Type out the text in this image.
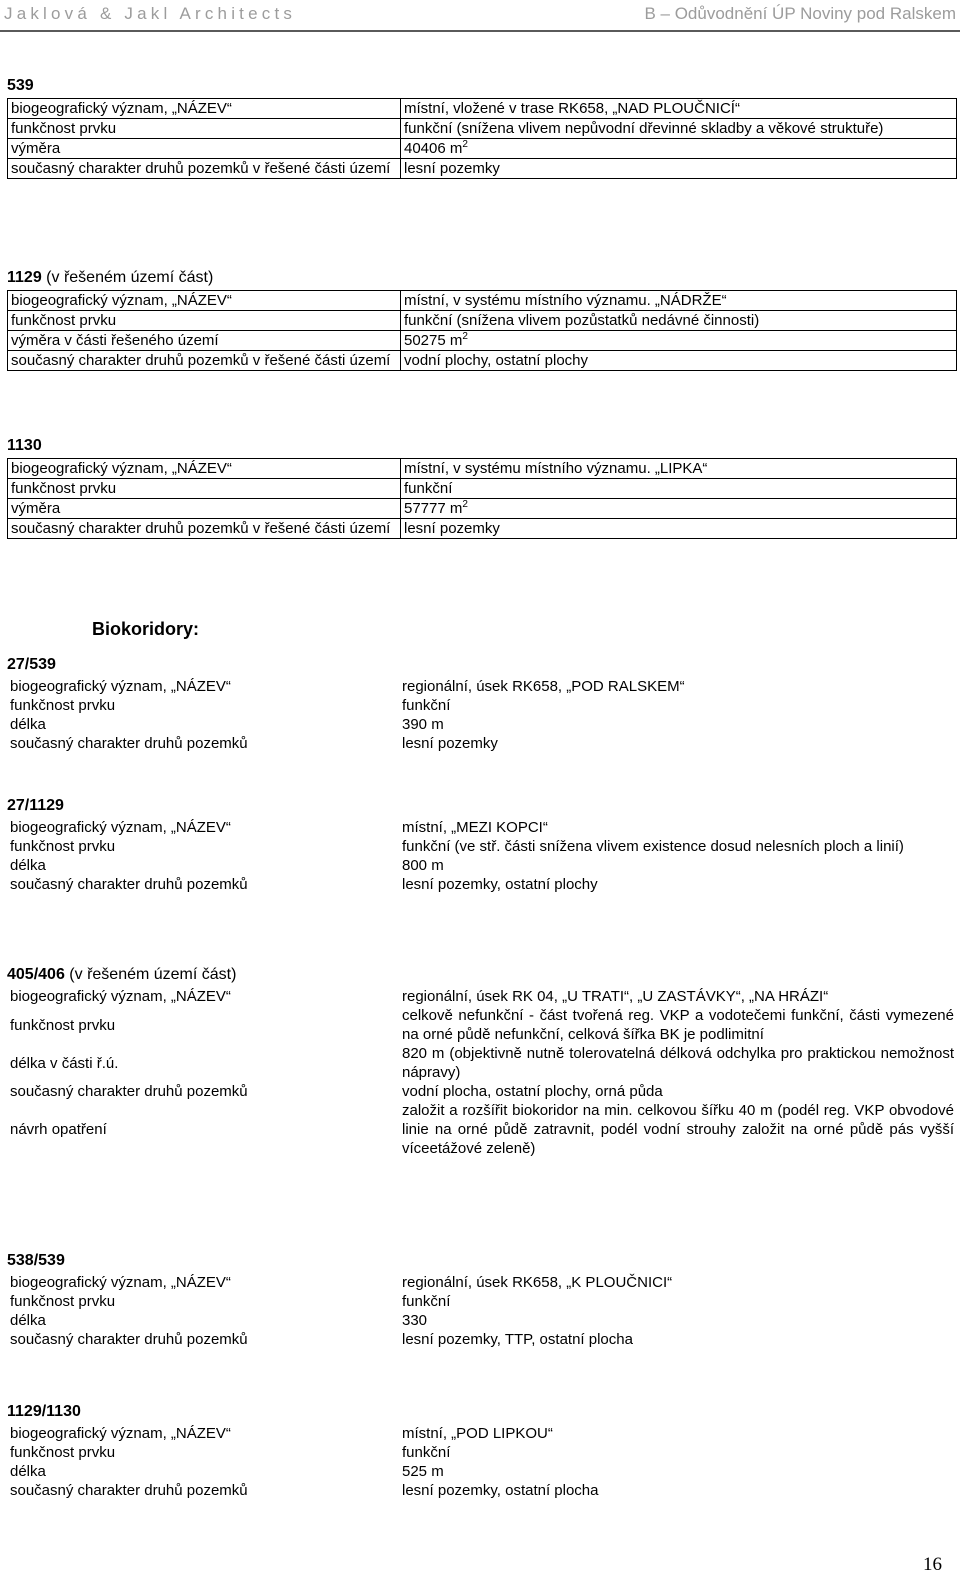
Jaklová & Jakl Architects	B – Odůvodnění ÚP Noviny pod Ralskem
539
biogeografický význam, „NÁZEV“	místní, vložené v trase RK658, „NAD PLOUČNICÍ“
funkčnost prvku	funkční (snížena vlivem nepůvodní dřevinné skladby a věkové struktuře)
výměra	40406 $m^2$
současný charakter druhů pozemků v řešené části území	lesní pozemky
1129 (v řešeném území část)
biogeografický význam, „NÁZEV“	místní, v systému místního významu. „NÁDRŽE“
funkčnost prvku	funkční (snížena vlivem pozůstatků nedávné činnosti)
výměra v části řešeného území	50275 $m^2$
současný charakter druhů pozemků v řešené části území	vodní plochy, ostatní plochy
1130
biogeografický význam, „NÁZEV“	místní, v systému místního významu. „LIPKA“
funkčnost prvku	funkční
výměra	57777 $m^2$
současný charakter druhů pozemků v řešené části území	lesní pozemky
Biokoridory:
27/539
biogeografický význam, „NÁZEV“	regionální, úsek RK658, „POD RALSKEM“
funkčnost prvku	funkční
délka	390 m
současný charakter druhů pozemků	lesní pozemky
27/1129
biogeografický význam, „NÁZEV“	místní, „MEZI KOPCI“
funkčnost prvku	funkční (ve stř. části snížena vlivem existence dosud nelesních ploch a linií)
délka	800 m
současný charakter druhů pozemků	lesní pozemky, ostatní plochy
405/406 (v řešeném území část)
biogeografický význam, „NÁZEV“	regionální, úsek RK 04, „U TRATI“, „U ZASTÁVKY“, „NA HRÁZI“
funkčnost prvku	celkově nefunkční - část tvořená reg. VKP a vodotečemi funkční, části vymezené na orné půdě nefunkční, celková šířka BK je podlimitní
délka v části ř.ú.	820 m (objektivně nutně tolerovatelná délková odchylka pro praktickou nemožnost nápravy)
současný charakter druhů pozemků	vodní plocha, ostatní plochy, orná půda
návrh opatření	založit a rozšířit biokoridor na min. celkovou šířku 40 m (podél reg. VKP obvodové linie na orné půdě zatravnit, podél vodní strouhy založit na orné půdě pás vyšší víceetážové zeleně)
538/539
biogeografický význam, „NÁZEV“	regionální, úsek RK658, „K PLOUČNICI“
funkčnost prvku	funkční
délka	330
současný charakter druhů pozemků	lesní pozemky, TTP, ostatní plocha
1129/1130
biogeografický význam, „NÁZEV“	místní, „POD LIPKOU“
funkčnost prvku	funkční
délka	525 m
současný charakter druhů pozemků	lesní pozemky, ostatní plocha
16
